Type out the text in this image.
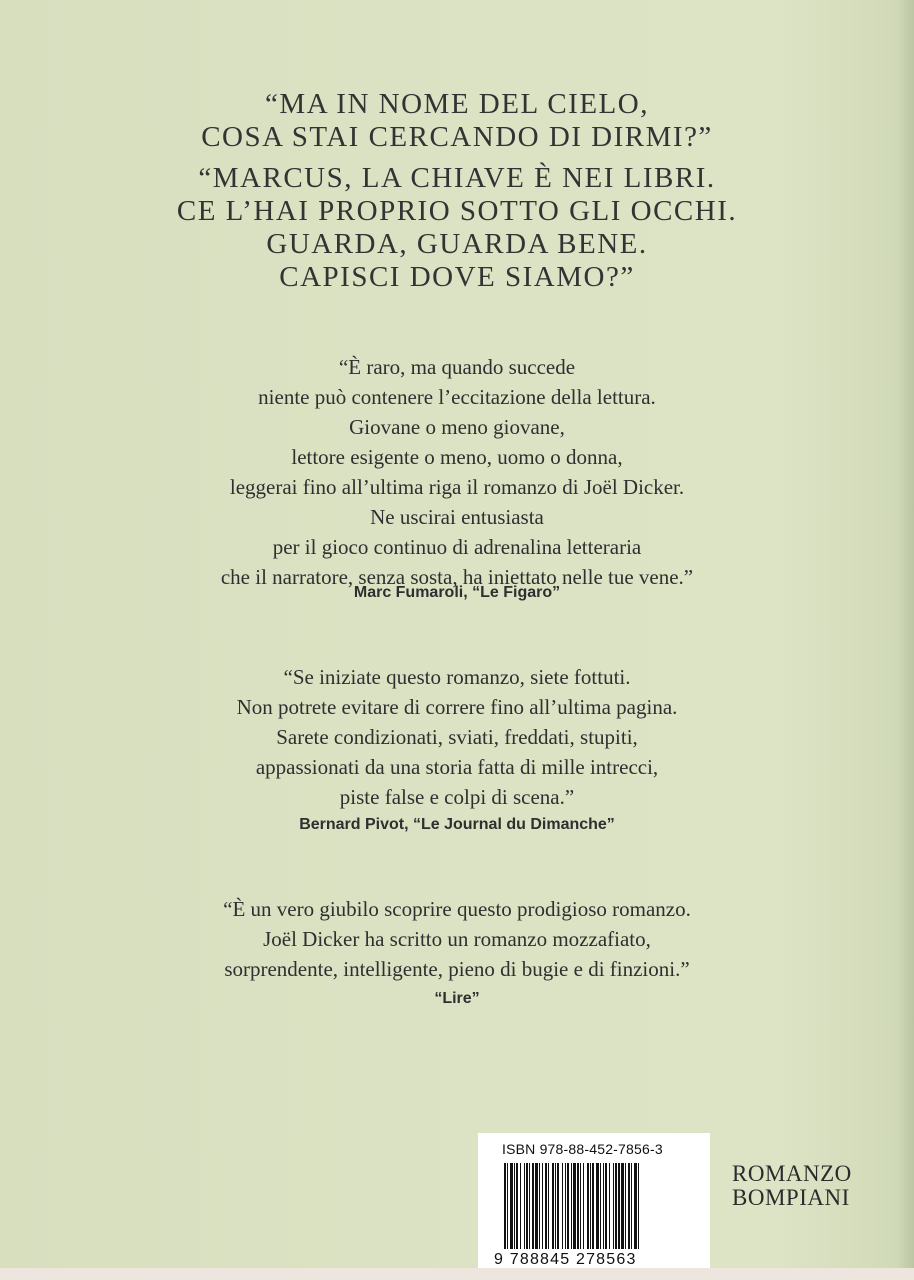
“MA IN NOME DEL CIELO,
COSA STAI CERCANDO DI DIRMI?”
“MARCUS, LA CHIAVE È NEI LIBRI.
CE L’HAI PROPRIO SOTTO GLI OCCHI.
GUARDA, GUARDA BENE.
CAPISCI DOVE SIAMO?”
“È raro, ma quando succede
niente può contenere l’eccitazione della lettura.
Giovane o meno giovane,
lettore esigente o meno, uomo o donna,
leggerai fino all’ultima riga il romanzo di Joël Dicker.
Ne uscirai entusiasta
per il gioco continuo di adrenalina letteraria
che il narratore, senza sosta, ha iniettato nelle tue vene.”
Marc Fumaroli, “Le Figaro”
“Se iniziate questo romanzo, siete fottuti.
Non potrete evitare di correre fino all’ultima pagina.
Sarete condizionati, sviati, freddati, stupiti,
appassionati da una storia fatta di mille intrecci,
piste false e colpi di scena.”
Bernard Pivot, “Le Journal du Dimanche”
“È un vero giubilo scoprire questo prodigioso romanzo.
Joël Dicker ha scritto un romanzo mozzafiato,
sorprendente, intelligente, pieno di bugie e di finzioni.”
“Lire”
ISBN 978-88-452-7856-3
9 788845 278563
ROMANZO
BOMPIANI
